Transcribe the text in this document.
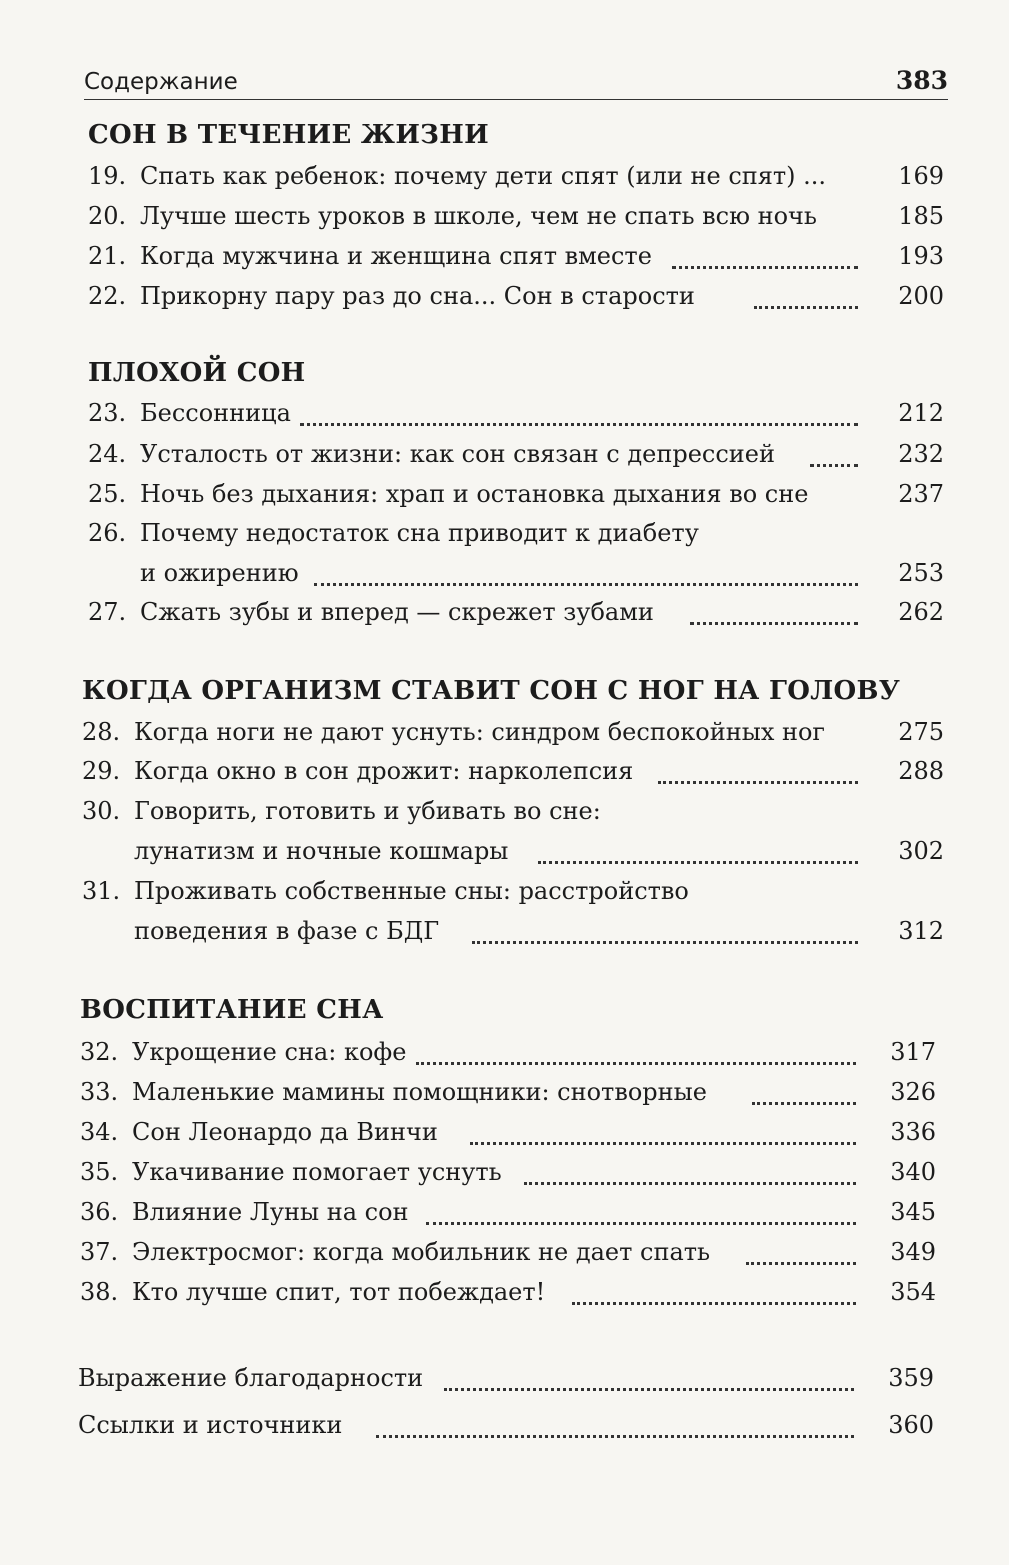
Содержание	383
СОН В ТЕЧЕНИЕ ЖИЗНИ
19. Спать как ребенок: почему дети спят (или не спят) ...	169
20. Лучше шесть уроков в школе, чем не спать всю ночь	185
21. Когда мужчина и женщина спят вместе	193
22. Прикорну пару раз до сна... Сон в старости	200
ПЛОХОЙ СОН
23. Бессонница	212
24. Усталость от жизни: как сон связан с депрессией	232
25. Ночь без дыхания: храп и остановка дыхания во сне	237
26. Почему недостаток сна приводит к диабету
и ожирению	253
27. Сжать зубы и вперед — скрежет зубами	262
КОГДА ОРГАНИЗМ СТАВИТ СОН С НОГ НА ГОЛОВУ
28. Когда ноги не дают уснуть: синдром беспокойных ног	275
29. Когда окно в сон дрожит: нарколепсия	288
30. Говорить, готовить и убивать во сне:
лунатизм и ночные кошмары	302
31. Проживать собственные сны: расстройство
поведения в фазе с БДГ	312
ВОСПИТАНИЕ СНА
32. Укрощение сна: кофе	317
33. Маленькие мамины помощники: снотворные	326
34. Сон Леонардо да Винчи	336
35. Укачивание помогает уснуть	340
36. Влияние Луны на сон	345
37. Электросмог: когда мобильник не дает спать	349
38. Кто лучше спит, тот побеждает!	354
Выражение благодарности	359
Ссылки и источники	360
